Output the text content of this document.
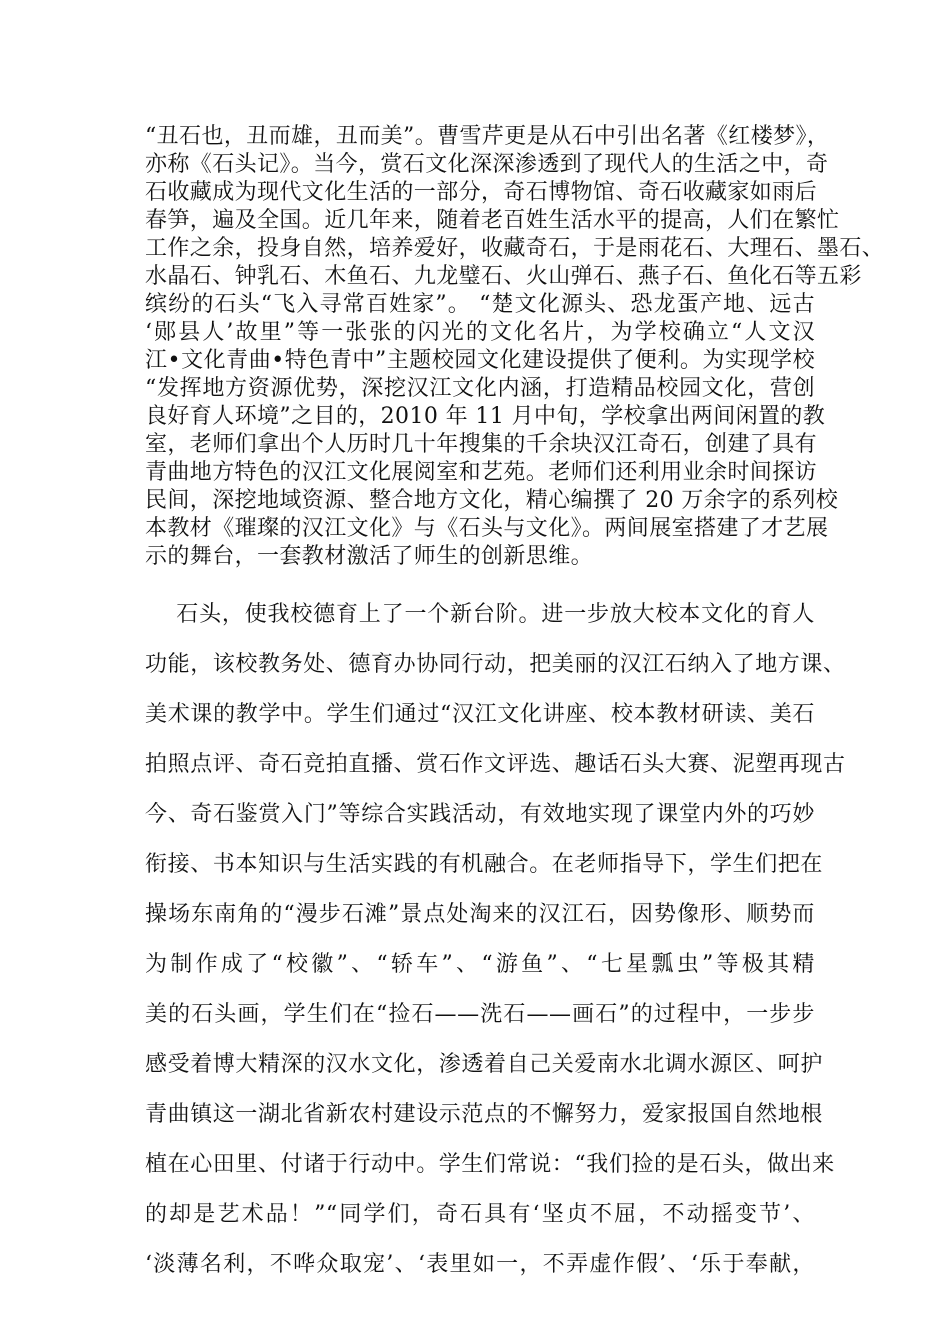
“丑石也，丑而雄，丑而美”。曹雪芹更是从石中引出名著《红楼梦》，
亦称《石头记》。当今，赏石文化深深渗透到了现代人的生活之中，奇
石收藏成为现代文化生活的一部分，奇石博物馆、奇石收藏家如雨后
春笋，遍及全国。近几年来，随着老百姓生活水平的提高，人们在繁忙
工作之余，投身自然，培养爱好，收藏奇石，于是雨花石、大理石、墨石、
水晶石、钟乳石、木鱼石、九龙璧石、火山弹石、燕子石、鱼化石等五彩
缤纷的石头“飞入寻常百姓家”。 “楚文化源头、恐龙蛋产地、远古
‘郧县人’故里”等一张张的闪光的文化名片，为学校确立“人文汉
江•文化青曲•特色青中”主题校园文化建设提供了便利。为实现学校
“发挥地方资源优势，深挖汉江文化内涵，打造精品校园文化，营创
良好育人环境”之目的，2010 年 11 月中旬，学校拿出两间闲置的教
室，老师们拿出个人历时几十年搜集的千余块汉江奇石，创建了具有
青曲地方特色的汉江文化展阅室和艺苑。老师们还利用业余时间探访
民间，深挖地域资源、整合地方文化，精心编撰了 20 万余字的系列校
本教材《璀璨的汉江文化》与《石头与文化》。两间展室搭建了才艺展
示的舞台，一套教材激活了师生的创新思维。
石头，使我校德育上了一个新台阶。进一步放大校本文化的育人
功能，该校教务处、德育办协同行动，把美丽的汉江石纳入了地方课、
美术课的教学中。学生们通过“汉江文化讲座、校本教材研读、美石
拍照点评、奇石竞拍直播、赏石作文评选、趣话石头大赛、泥塑再现古
今、奇石鉴赏入门”等综合实践活动，有效地实现了课堂内外的巧妙
衔接、书本知识与生活实践的有机融合。在老师指导下，学生们把在
操场东南角的“漫步石滩”景点处淘来的汉江石，因势像形、顺势而
为制作成了“校徽”、“轿车”、“游鱼”、“七星瓢虫”等极其精
美的石头画，学生们在“捡石——洗石——画石”的过程中，一步步
感受着博大精深的汉水文化，渗透着自己关爱南水北调水源区、呵护
青曲镇这一湖北省新农村建设示范点的不懈努力，爱家报国自然地根
植在心田里、付诸于行动中。学生们常说：“我们捡的是石头，做出来
的却是艺术品！”“同学们，奇石具有‘坚贞不屈，不动摇变节’、
‘淡薄名利，不哗众取宠’、‘表里如一，不弄虚作假’、‘乐于奉献，
